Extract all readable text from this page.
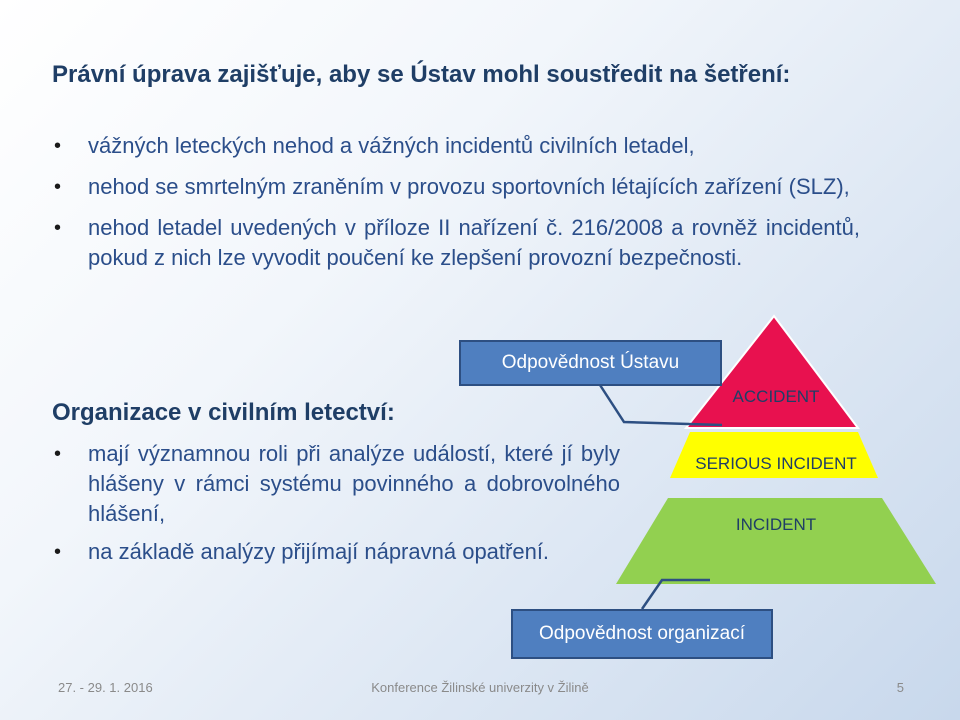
Právní úprava zajišťuje, aby se Ústav mohl soustředit na šetření:
• vážných leteckých nehod a vážných incidentů civilních letadel,
• nehod se smrtelným zraněním v provozu sportovních létajících zařízení (SLZ),
• nehod letadel uvedených v příloze II nařízení č. 216/2008 a rovněž incidentů, pokud z nich lze vyvodit poučení ke zlepšení provozní bezpečnosti.
ACCIDENT
SERIOUS INCIDENT
INCIDENT
Odpovědnost Ústavu
Odpovědnost organizací
Organizace v civilním letectví:
• mají významnou roli při analýze událostí, které jí byly hlášeny v rámci systému povinného a dobrovolného hlášení,
• na základě analýzy přijímají nápravná opatření.
27. - 29. 1. 2016	Konference Žilinské univerzity v Žilině	5
